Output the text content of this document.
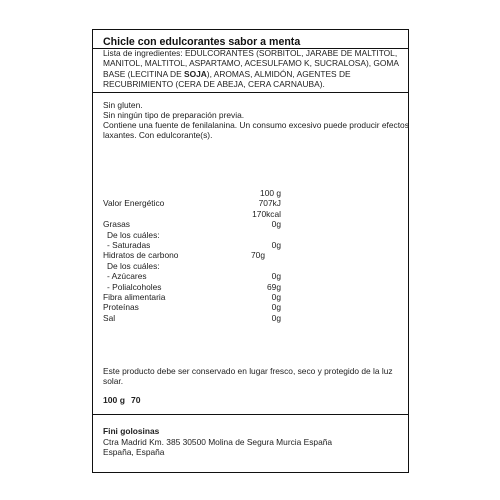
Chicle con edulcorantes sabor a menta

Lista de ingredientes: EDULCORANTES (SORBITOL, JARABE DE MALTITOL,

MANITOL, MALTITOL, ASPARTAMO, ACESULFAMO K, SUCRALOSA), GOMA

BASE (LECITINA DE SOJA), AROMAS, ALMIDÓN, AGENTES DE

RECUBRIMIENTO (CERA DE ABEJA, CERA CARNAUBA).

Sin gluten.
Sin ningún tipo de preparación previa.
Contiene una fuente de fenilalanina. Un consumo excesivo puede producir efectos
laxantes. Con edulcorante(s).
100 g
Valor Energético	707kJ
170kcal
Grasas	0g
De los cuáles:
- Saturadas	0g
Hidratos de carbono	70g
De los cuáles:
- Azúcares	0g
- Polialcoholes	69g
Fibra alimentaria	0g
Proteínas	0g
Sal	0g
Este producto debe ser conservado en lugar fresco, seco y protegido de la luz
solar.
100 g 70
Fini golosinas
Ctra Madrid Km. 385 30500 Molina de Segura Murcia España
España, España
